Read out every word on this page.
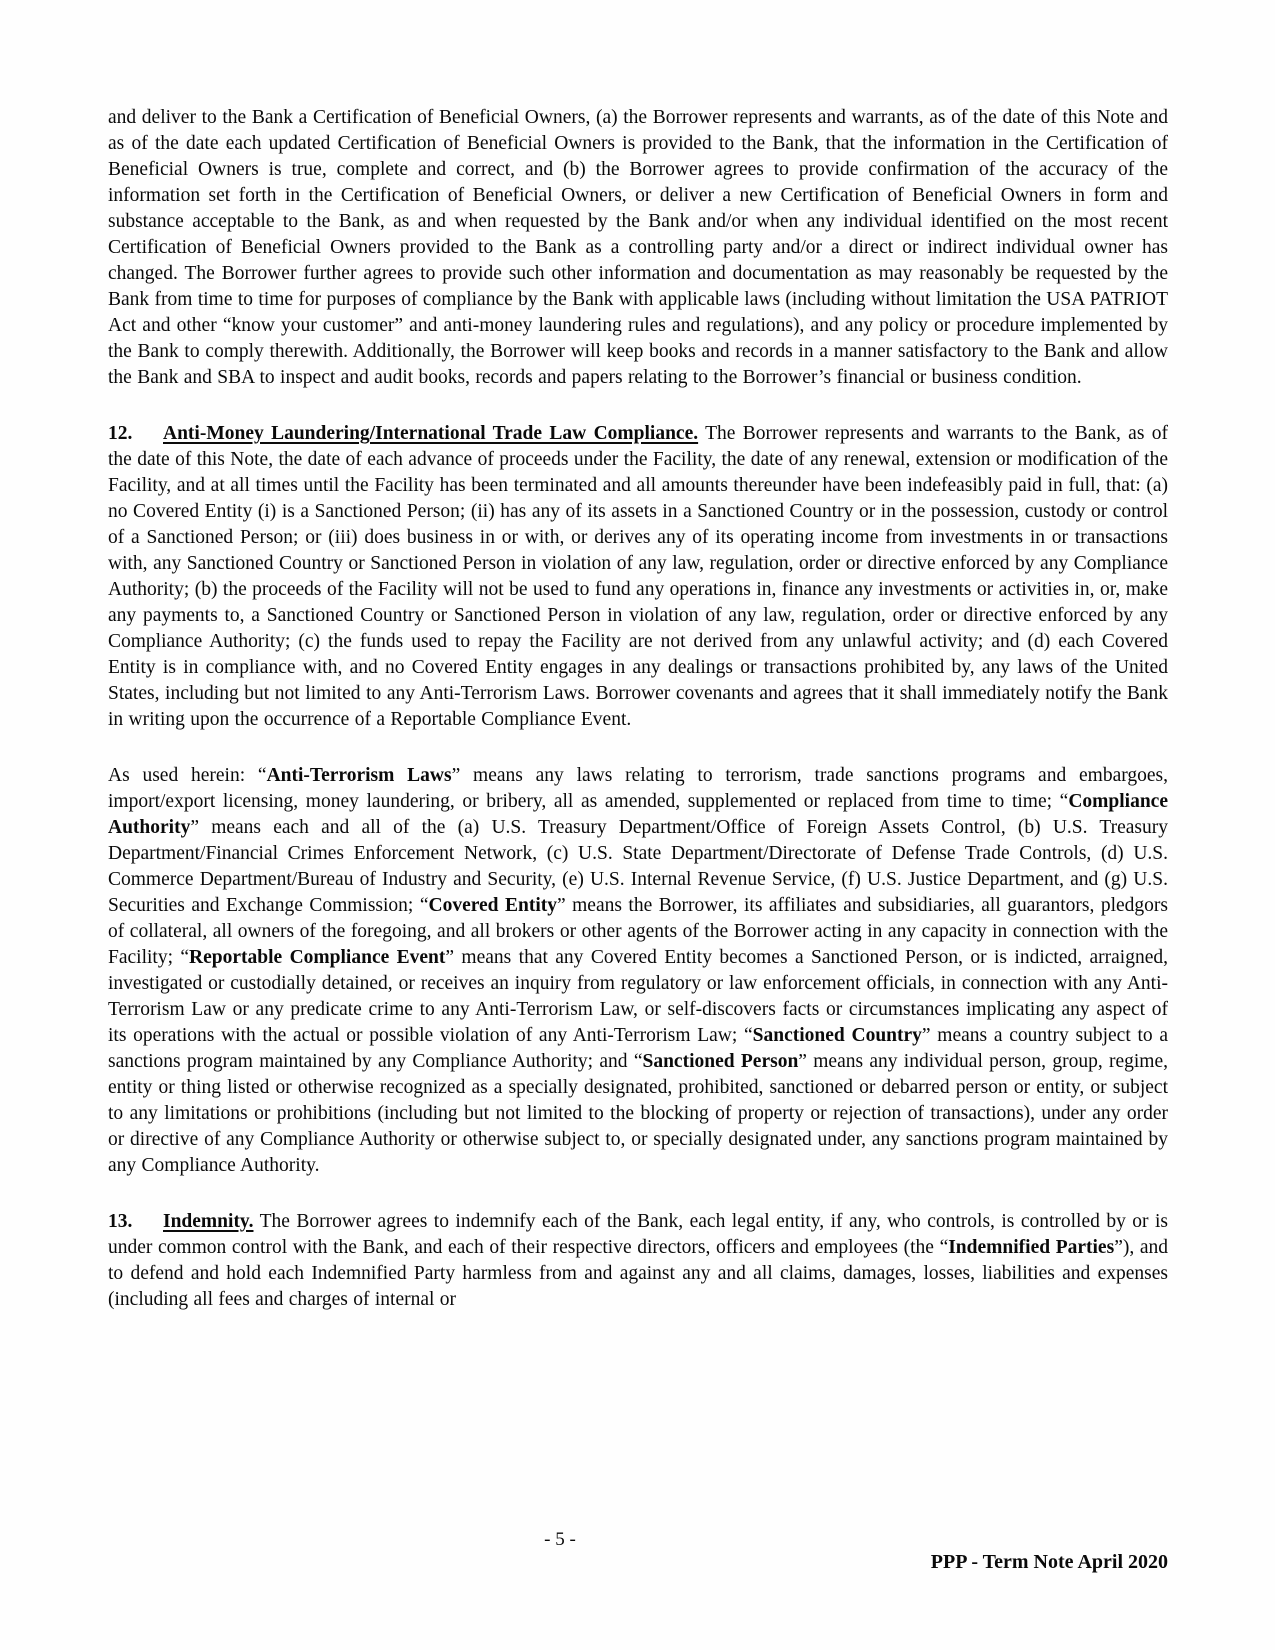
and deliver to the Bank a Certification of Beneficial Owners, (a) the Borrower represents and warrants, as of the date of this Note and as of the date each updated Certification of Beneficial Owners is provided to the Bank, that the information in the Certification of Beneficial Owners is true, complete and correct, and (b) the Borrower agrees to provide confirmation of the accuracy of the information set forth in the Certification of Beneficial Owners, or deliver a new Certification of Beneficial Owners in form and substance acceptable to the Bank, as and when requested by the Bank and/or when any individual identified on the most recent Certification of Beneficial Owners provided to the Bank as a controlling party and/or a direct or indirect individual owner has changed. The Borrower further agrees to provide such other information and documentation as may reasonably be requested by the Bank from time to time for purposes of compliance by the Bank with applicable laws (including without limitation the USA PATRIOT Act and other “know your customer” and anti-money laundering rules and regulations), and any policy or procedure implemented by the Bank to comply therewith. Additionally, the Borrower will keep books and records in a manner satisfactory to the Bank and allow the Bank and SBA to inspect and audit books, records and papers relating to the Borrower’s financial or business condition.

12. Anti-Money Laundering/International Trade Law Compliance. The Borrower represents and warrants to the Bank, as of the date of this Note, the date of each advance of proceeds under the Facility, the date of any renewal, extension or modification of the Facility, and at all times until the Facility has been terminated and all amounts thereunder have been indefeasibly paid in full, that: (a) no Covered Entity (i) is a Sanctioned Person; (ii) has any of its assets in a Sanctioned Country or in the possession, custody or control of a Sanctioned Person; or (iii) does business in or with, or derives any of its operating income from investments in or transactions with, any Sanctioned Country or Sanctioned Person in violation of any law, regulation, order or directive enforced by any Compliance Authority; (b) the proceeds of the Facility will not be used to fund any operations in, finance any investments or activities in, or, make any payments to, a Sanctioned Country or Sanctioned Person in violation of any law, regulation, order or directive enforced by any Compliance Authority; (c) the funds used to repay the Facility are not derived from any unlawful activity; and (d) each Covered Entity is in compliance with, and no Covered Entity engages in any dealings or transactions prohibited by, any laws of the United States, including but not limited to any Anti-Terrorism Laws. Borrower covenants and agrees that it shall immediately notify the Bank in writing upon the occurrence of a Reportable Compliance Event.

As used herein: “Anti-Terrorism Laws” means any laws relating to terrorism, trade sanctions programs and embargoes, import/export licensing, money laundering, or bribery, all as amended, supplemented or replaced from time to time; “Compliance Authority” means each and all of the (a) U.S. Treasury Department/Office of Foreign Assets Control, (b) U.S. Treasury Department/Financial Crimes Enforcement Network, (c) U.S. State Department/Directorate of Defense Trade Controls, (d) U.S. Commerce Department/Bureau of Industry and Security, (e) U.S. Internal Revenue Service, (f) U.S. Justice Department, and (g) U.S. Securities and Exchange Commission; “Covered Entity” means the Borrower, its affiliates and subsidiaries, all guarantors, pledgors of collateral, all owners of the foregoing, and all brokers or other agents of the Borrower acting in any capacity in connection with the Facility; “Reportable Compliance Event” means that any Covered Entity becomes a Sanctioned Person, or is indicted, arraigned, investigated or custodially detained, or receives an inquiry from regulatory or law enforcement officials, in connection with any Anti-Terrorism Law or any predicate crime to any Anti-Terrorism Law, or self-discovers facts or circumstances implicating any aspect of its operations with the actual or possible violation of any Anti-Terrorism Law; “Sanctioned Country” means a country subject to a sanctions program maintained by any Compliance Authority; and “Sanctioned Person” means any individual person, group, regime, entity or thing listed or otherwise recognized as a specially designated, prohibited, sanctioned or debarred person or entity, or subject to any limitations or prohibitions (including but not limited to the blocking of property or rejection of transactions), under any order or directive of any Compliance Authority or otherwise subject to, or specially designated under, any sanctions program maintained by any Compliance Authority.

13. Indemnity. The Borrower agrees to indemnify each of the Bank, each legal entity, if any, who controls, is controlled by or is under common control with the Bank, and each of their respective directors, officers and employees (the “Indemnified Parties”), and to defend and hold each Indemnified Party harmless from and against any and all claims, damages, losses, liabilities and expenses (including all fees and charges of internal or

- 5 -
PPP - Term Note April 2020
